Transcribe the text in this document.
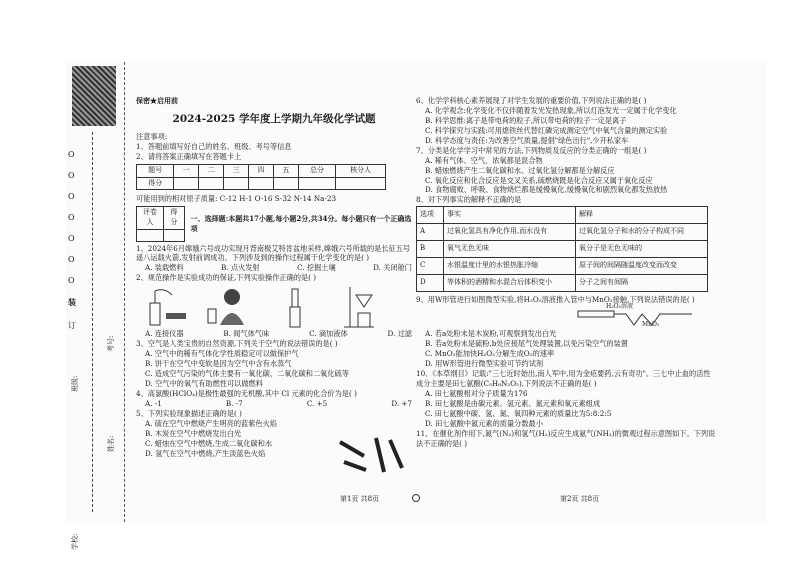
学校:
班级:
姓名:
考号:
O
O
O
O
O
O
O
装
订

保密★启用前

2024-2025 学年度上学期九年级化学试题

注意事项:

1、答题前填写好自己的姓名、班级、考号等信息

2、请将答案正确填写在答题卡上

题号	一	二	三	四	五	总分	核分人
得分							

可能用到的相对原子质量: C-12 H-1 O-16 S-32 N-14 Na-23

评卷人	得分
	一、选择题:本题共17小题,每小题2分,共34分。每小题只有一个正确选项

1、2024年6月嫦娥六号成功实现月背南极艾特肯盆地采样,嫦娥六号所载的是长征五号遥八运载火箭,发射前调成功。下列涉及到的操作过程属于化学变化的是( )

A. 装载燃料	B. 点火发射	C. 挖掘土壤	D. 关闭舱门

2、规范操作是实验成功的保证,下列实验操作正确的是( )

A. 连接仪器	B. 闻气体气味	C. 滴加液体	D. 过滤

3、空气是人类宝贵的自然资源,下列关于空气的说法错误的是( )

A. 空气中的稀有气体化学性质稳定可以做保护气

B. 饼干在空气中变软是因为空气中含有水蒸气

C. 造成空气污染的气体主要有一氧化碳、二氧化碳和二氧化硫等

D. 空气中的氧气有助燃性可以做燃料

4、高氯酸(HClO₄)是极性最强的无机酸,其中 Cl 元素的化合价为是( )

A. -1	B. -7	C. +5	D. +7

5、下列实验现象描述正确的是( )

A. 硫在空气中燃烧产生明亮的蓝紫色火焰

B. 木炭在空气中燃烧发出白光

C. 蜡烛在空气中燃烧,生成二氧化碳和水

D. 氢气在空气中燃烧,产生淡蓝色火焰

第1页 共8页

6、化学学科核心素养展现了对学生发展的重要价值,下列说法正确的是( )

A. 化学观念:化学变化不仅伴随着发光发热现象,所以灯泡发光一定属于化学变化

B. 科学思维:离子是带电荷的粒子,所以带电荷的粒子一定是离子

C. 科学探究与实践:可用熄铁丝代替红磷完成测定空气中氧气含量的测定实验

D. 科学态度与责任:为改善空气质量,提倡"绿色出行",少开私家车

7、分类是化学学习中常见的方法,下列物质及反应的分类正确的一组是( )

A. 稀有气体、空气、浓氧都是混合物

B. 蜡烛燃烧产生二氧化碳和水、过氧化氢分解都是分解反应

C. 氧化反应和化合反应是交叉关系,硫燃烧既是化合反应又属于氧化反应

D. 食物腐败、呼吸、食物烧烂都是缓慢氧化,缓慢氧化和剧烈氧化都发热放热

8、对下列事实的解释不正确的是

选项	事实	解释
A	过氧化氢具有净化作用,而水没有	过氧化氢分子和水的分子构成不同
B	氧气无色无味	氧分子是无色无味的
C	水银温度计里的水银热胀冷缩	原子间的间隔随温度改变而改变
D	等体积的酒精和水混合后体积变小	分子之间有间隔

9、用W形管进行如图微型实验,将H₂O₂溶液推入管中与MnO₂接触,下列说法错误的是( )

H₂O₂溶液
MnO₂

A. 若a处粉末是木炭粉,可观察到发出白光

B. 若a处粉末是硫粉,b处应接尾气处理装置,以免污染空气的装置

C. MnO₂能加快H₂O₂分解生成O₂的速率

D. 用W形管进行微型实验可节约试剂

10、《本草纲目》记载:"三七近时始出,南人军中,用为金疮要药,云有奇功"。三七中止血的活性成分主要是田七氨酸(C₅H₈N₂O₅),下列说法不正确的是( )

A. 田七氨酸相对分子质量为176

B. 田七氨酸是由碳元素、氢元素、氮元素和氧元素组成

C. 田七氨酸中碳、氢、氮、氧四种元素的质量比为5:8:2:5

D. 田七氨酸中氮元素的质量分数最小

11、在催化剂作用下,氮气(N₂)和氢气(H₂)反应生成氨气(NH₃)的微观过程示意图如下。下列说法不正确的是( )

第2页 共8页
